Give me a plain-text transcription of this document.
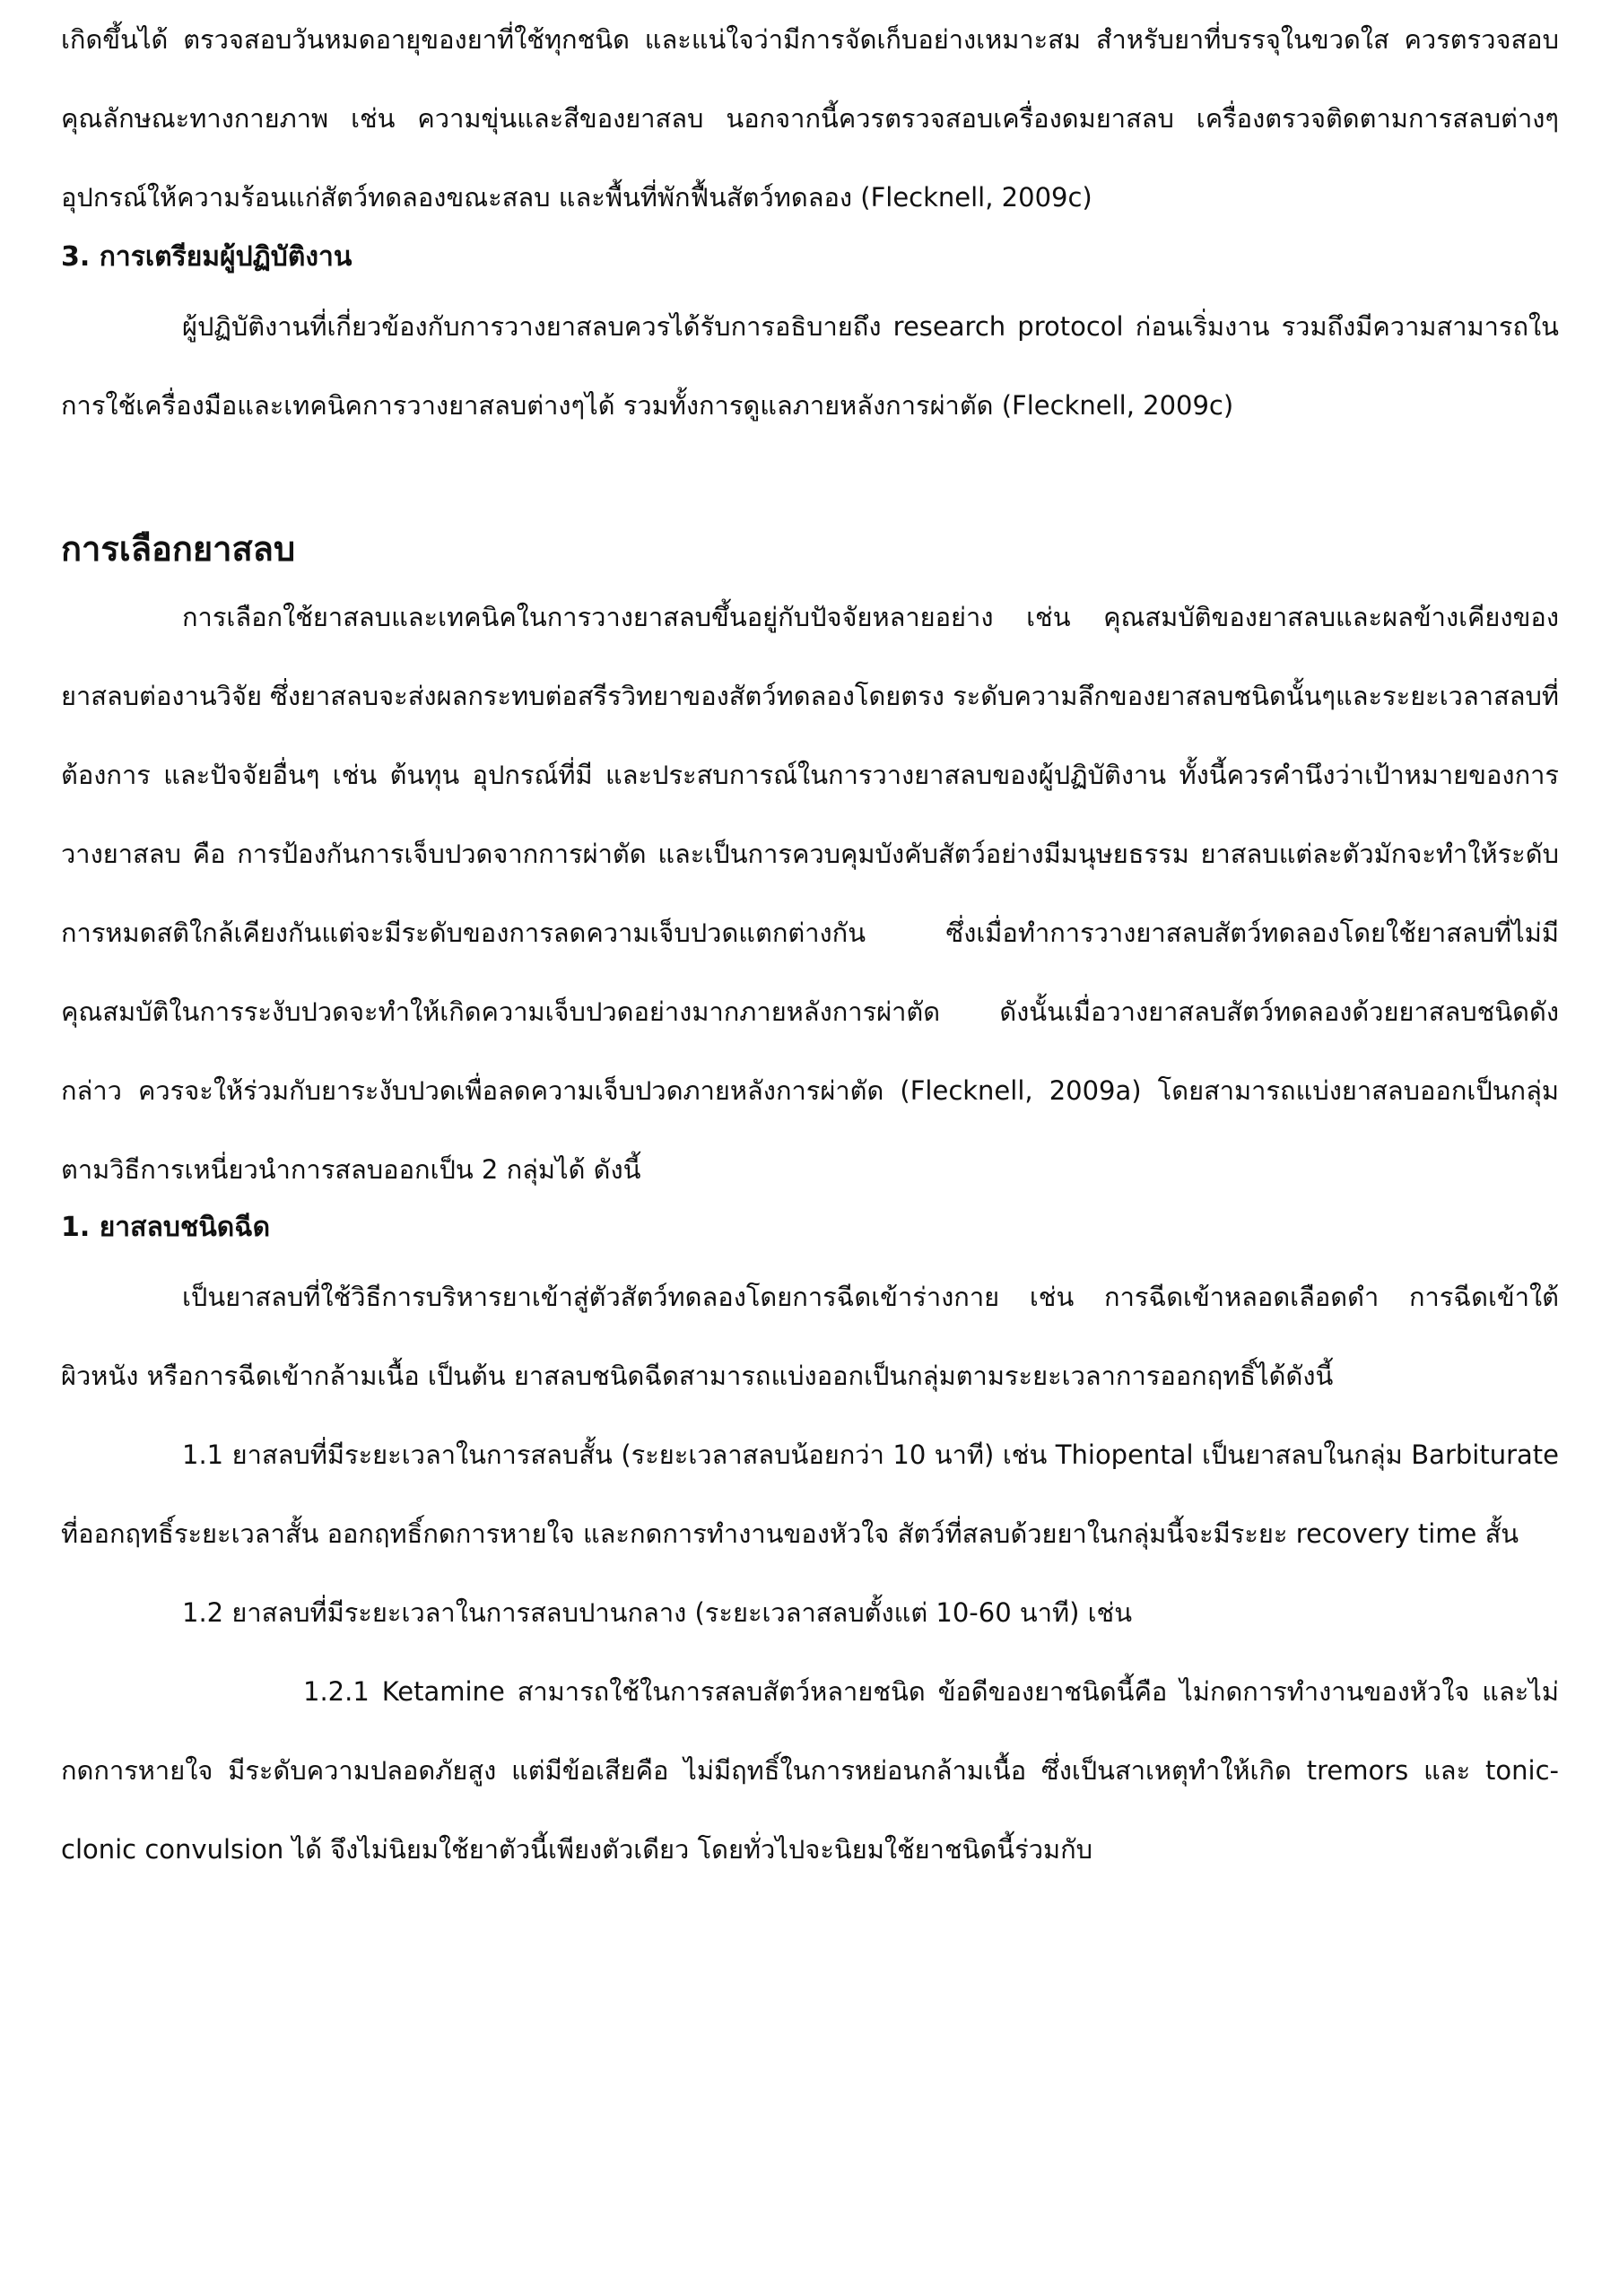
เกิดขึ้นได้ ตรวจสอบวันหมดอายุของยาที่ใช้ทุกชนิด และแน่ใจว่ามีการจัดเก็บอย่างเหมาะสม สำหรับยาที่บรรจุในขวดใส ควรตรวจสอบคุณลักษณะทางกายภาพ เช่น ความขุ่นและสีของยาสลบ นอกจากนี้ควรตรวจสอบเครื่องดมยาสลบ เครื่องตรวจติดตามการสลบต่างๆ อุปกรณ์ให้ความร้อนแก่สัตว์ทดลองขณะสลบ และพื้นที่พักฟื้นสัตว์ทดลอง (Flecknell, 2009c)

3. การเตรียมผู้ปฏิบัติงาน

ผู้ปฏิบัติงานที่เกี่ยวข้องกับการวางยาสลบควรได้รับการอธิบายถึง research protocol ก่อนเริ่มงาน รวมถึงมีความสามารถในการใช้เครื่องมือและเทคนิคการวางยาสลบต่างๆได้ รวมทั้งการดูแลภายหลังการผ่าตัด (Flecknell, 2009c)

การเลือกยาสลบ

การเลือกใช้ยาสลบและเทคนิคในการวางยาสลบขึ้นอยู่กับปัจจัยหลายอย่าง เช่น คุณสมบัติของยาสลบและผลข้างเคียงของยาสลบต่องานวิจัย ซึ่งยาสลบจะส่งผลกระทบต่อสรีรวิทยาของสัตว์ทดลองโดยตรง ระดับความลึกของยาสลบชนิดนั้นๆและระยะเวลาสลบที่ต้องการ และปัจจัยอื่นๆ เช่น ต้นทุน อุปกรณ์ที่มี และประสบการณ์ในการวางยาสลบของผู้ปฏิบัติงาน ทั้งนี้ควรคำนึงว่าเป้าหมายของการวางยาสลบ คือ การป้องกันการเจ็บปวดจากการผ่าตัด และเป็นการควบคุมบังคับสัตว์อย่างมีมนุษยธรรม ยาสลบแต่ละตัวมักจะทำให้ระดับการหมดสติใกล้เคียงกันแต่จะมีระดับของการลดความเจ็บปวดแตกต่างกัน ซึ่งเมื่อทำการวางยาสลบสัตว์ทดลองโดยใช้ยาสลบที่ไม่มีคุณสมบัติในการระงับปวดจะทำให้เกิดความเจ็บปวดอย่างมากภายหลังการผ่าตัด ดังนั้นเมื่อวางยาสลบสัตว์ทดลองด้วยยาสลบชนิดดังกล่าว ควรจะให้ร่วมกับยาระงับปวดเพื่อลดความเจ็บปวดภายหลังการผ่าตัด (Flecknell, 2009a) โดยสามารถแบ่งยาสลบออกเป็นกลุ่มตามวิธีการเหนี่ยวนำการสลบออกเป็น 2 กลุ่มได้ ดังนี้

1. ยาสลบชนิดฉีด

เป็นยาสลบที่ใช้วิธีการบริหารยาเข้าสู่ตัวสัตว์ทดลองโดยการฉีดเข้าร่างกาย เช่น การฉีดเข้าหลอดเลือดดำ การฉีดเข้าใต้ผิวหนัง หรือการฉีดเข้ากล้ามเนื้อ เป็นต้น ยาสลบชนิดฉีดสามารถแบ่งออกเป็นกลุ่มตามระยะเวลาการออกฤทธิ์ได้ดังนี้

1.1 ยาสลบที่มีระยะเวลาในการสลบสั้น (ระยะเวลาสลบน้อยกว่า 10 นาที) เช่น Thiopental เป็นยาสลบในกลุ่ม Barbiturate ที่ออกฤทธิ์ระยะเวลาสั้น ออกฤทธิ์กดการหายใจ และกดการทำงานของหัวใจ สัตว์ที่สลบด้วยยาในกลุ่มนี้จะมีระยะ recovery time สั้น

1.2 ยาสลบที่มีระยะเวลาในการสลบปานกลาง (ระยะเวลาสลบตั้งแต่ 10-60 นาที) เช่น

1.2.1 Ketamine สามารถใช้ในการสลบสัตว์หลายชนิด ข้อดีของยาชนิดนี้คือ ไม่กดการทำงานของหัวใจ และไม่กดการหายใจ มีระดับความปลอดภัยสูง แต่มีข้อเสียคือ ไม่มีฤทธิ์ในการหย่อนกล้ามเนื้อ ซึ่งเป็นสาเหตุทำให้เกิด tremors และ tonic-clonic convulsion ได้ จึงไม่นิยมใช้ยาตัวนี้เพียงตัวเดียว โดยทั่วไปจะนิยมใช้ยาชนิดนี้ร่วมกับ
